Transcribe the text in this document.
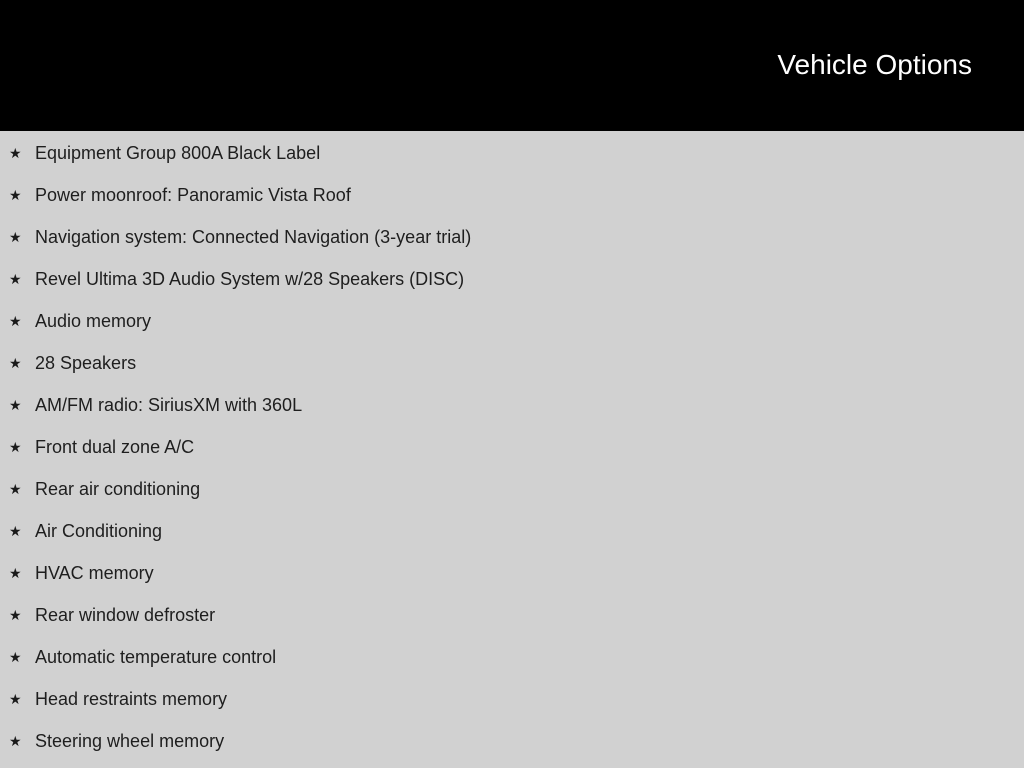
Vehicle Options
★ Equipment Group 800A Black Label
★ Power moonroof: Panoramic Vista Roof
★ Navigation system: Connected Navigation (3-year trial)
★ Revel Ultima 3D Audio System w/28 Speakers (DISC)
★ Audio memory
★ 28 Speakers
★ AM/FM radio: SiriusXM with 360L
★ Front dual zone A/C
★ Rear air conditioning
★ Air Conditioning
★ HVAC memory
★ Rear window defroster
★ Automatic temperature control
★ Head restraints memory
★ Steering wheel memory
